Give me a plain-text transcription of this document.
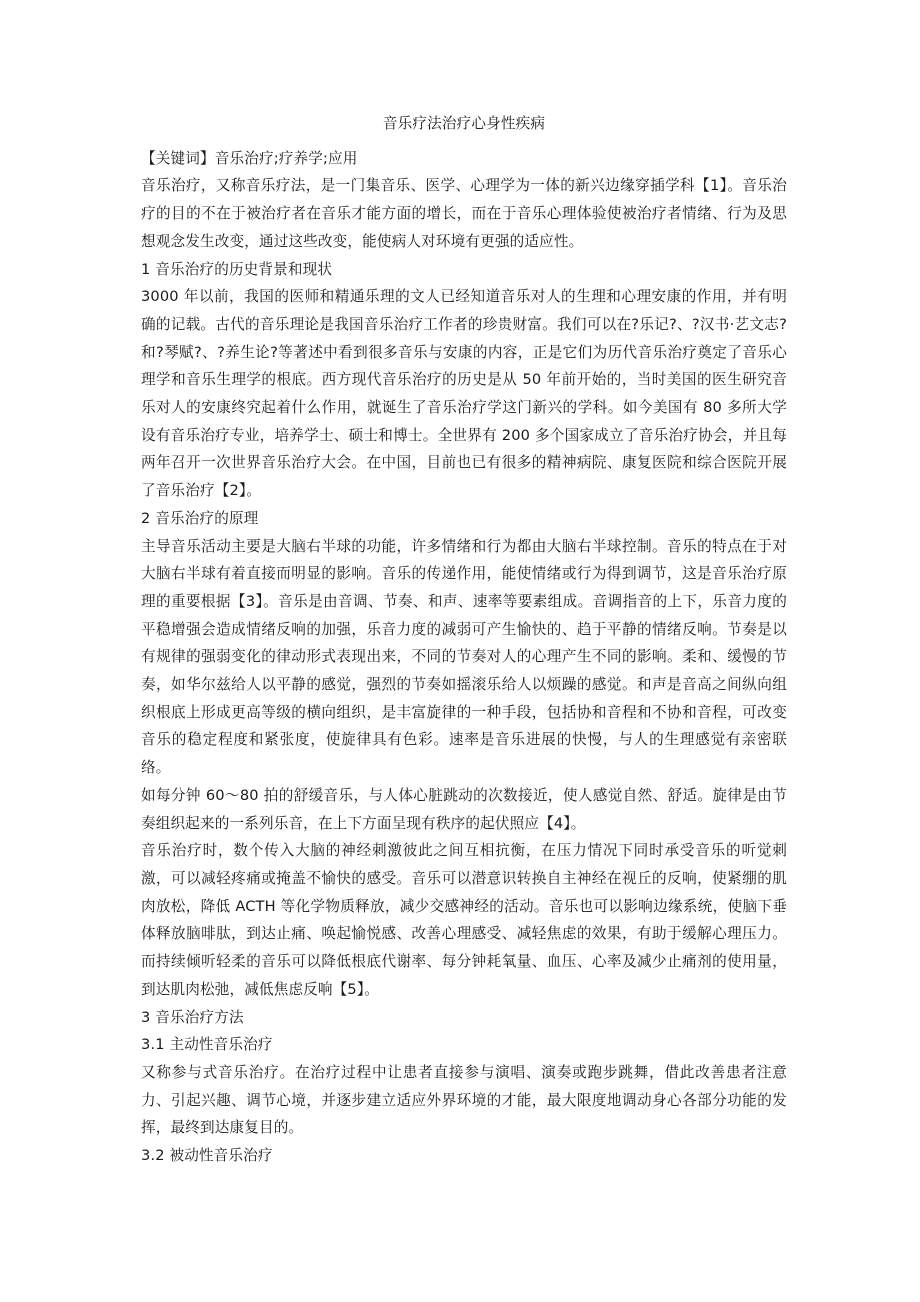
音乐疗法治疗心身性疾病

【关键词】音乐治疗;疗养学;应用

音乐治疗，又称音乐疗法，是一门集音乐、医学、心理学为一体的新兴边缘穿插学科【1】。音乐治疗的目的不在于被治疗者在音乐才能方面的增长，而在于音乐心理体验使被治疗者情绪、行为及思想观念发生改变，通过这些改变，能使病人对环境有更强的适应性。

1 音乐治疗的历史背景和现状

3000 年以前，我国的医师和精通乐理的文人已经知道音乐对人的生理和心理安康的作用，并有明确的记载。古代的音乐理论是我国音乐治疗工作者的珍贵财富。我们可以在?乐记?、?汉书·艺文志?和?琴赋?、?养生论?等著述中看到很多音乐与安康的内容，正是它们为历代音乐治疗奠定了音乐心理学和音乐生理学的根底。西方现代音乐治疗的历史是从 50 年前开始的，当时美国的医生研究音乐对人的安康终究起着什么作用，就诞生了音乐治疗学这门新兴的学科。如今美国有 80 多所大学设有音乐治疗专业，培养学士、硕士和博士。全世界有 200 多个国家成立了音乐治疗协会，并且每两年召开一次世界音乐治疗大会。在中国，目前也已有很多的精神病院、康复医院和综合医院开展了音乐治疗【2】。

2 音乐治疗的原理

主导音乐活动主要是大脑右半球的功能，许多情绪和行为都由大脑右半球控制。音乐的特点在于对大脑右半球有着直接而明显的影响。音乐的传递作用，能使情绪或行为得到调节，这是音乐治疗原理的重要根据【3】。音乐是由音调、节奏、和声、速率等要素组成。音调指音的上下，乐音力度的平稳增强会造成情绪反响的加强，乐音力度的减弱可产生愉快的、趋于平静的情绪反响。节奏是以有规律的强弱变化的律动形式表现出来，不同的节奏对人的心理产生不同的影响。柔和、缓慢的节奏，如华尔兹给人以平静的感觉，强烈的节奏如摇滚乐给人以烦躁的感觉。和声是音高之间纵向组织根底上形成更高等级的横向组织，是丰富旋律的一种手段，包括协和音程和不协和音程，可改变音乐的稳定程度和紧张度，使旋律具有色彩。速率是音乐进展的快慢，与人的生理感觉有亲密联络。

如每分钟 60～80 拍的舒缓音乐，与人体心脏跳动的次数接近，使人感觉自然、舒适。旋律是由节奏组织起来的一系列乐音，在上下方面呈现有秩序的起伏照应【4】。

音乐治疗时，数个传入大脑的神经刺激彼此之间互相抗衡，在压力情况下同时承受音乐的听觉刺激，可以减轻疼痛或掩盖不愉快的感受。音乐可以潜意识转换自主神经在视丘的反响，使紧绷的肌肉放松，降低 ACTH 等化学物质释放，减少交感神经的活动。音乐也可以影响边缘系统，使脑下垂体释放脑啡肽，到达止痛、唤起愉悦感、改善心理感受、减轻焦虑的效果，有助于缓解心理压力。而持续倾听轻柔的音乐可以降低根底代谢率、每分钟耗氧量、血压、心率及减少止痛剂的使用量，到达肌肉松弛，减低焦虑反响【5】。

3 音乐治疗方法

3.1 主动性音乐治疗

又称参与式音乐治疗。在治疗过程中让患者直接参与演唱、演奏或跑步跳舞，借此改善患者注意力、引起兴趣、调节心境，并逐步建立适应外界环境的才能，最大限度地调动身心各部分功能的发挥，最终到达康复目的。

3.2 被动性音乐治疗
